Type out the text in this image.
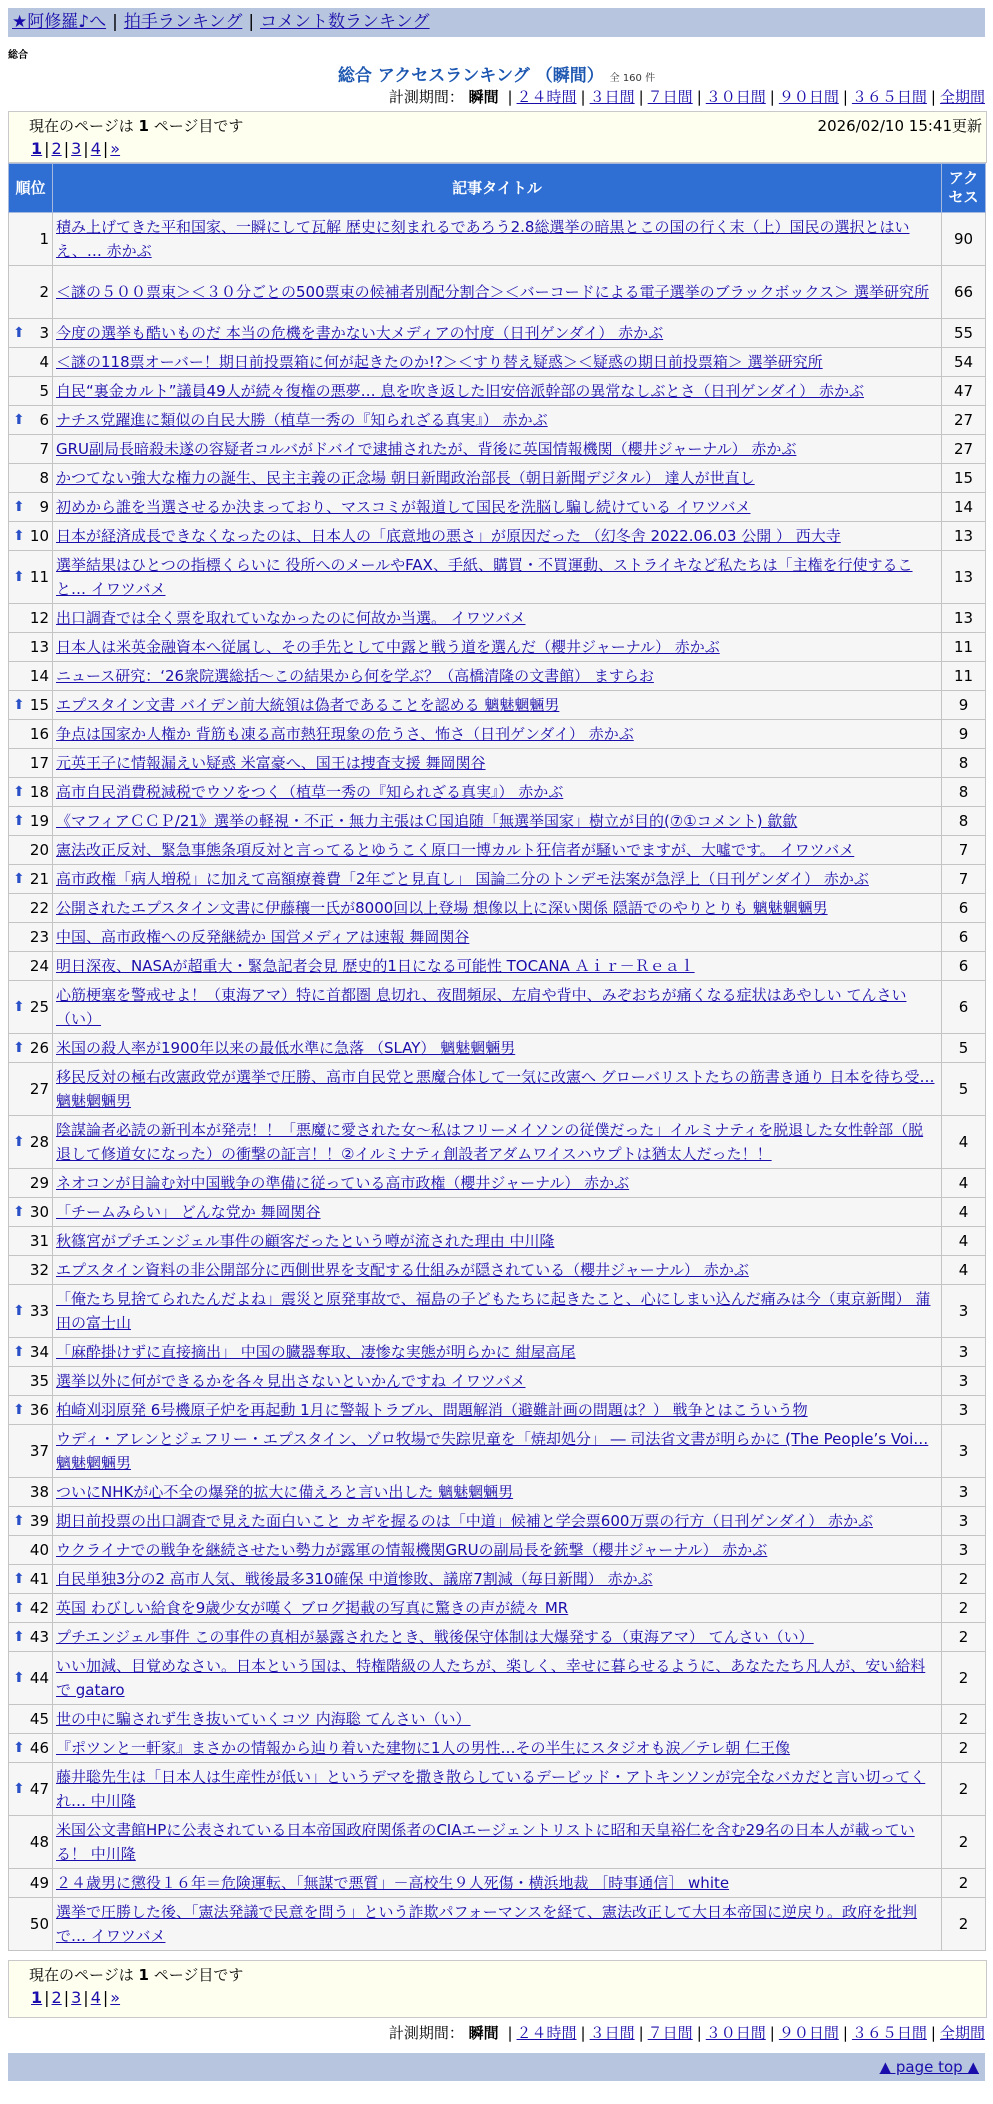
★阿修羅♪へ | 拍手ランキング | コメント数ランキング
総合
総合 アクセスランキング （瞬間） 全 160 件
計測期間： 瞬間 | ２４時間 | ３日間 | ７日間 | ３０日間 | ９０日間 | ３６５日間 | 全期間
現在のページは 1 ページ目です	2026/02/10 15:41更新
1 | 2 | 3 | 4 | »
順位	記事タイトル	アクセス
1	積み上げてきた平和国家、一瞬にして瓦解 歴史に刻まれるであろう2.8総選挙の暗黒とこの国の行く末（上）国民の選択とはいえ、… 赤かぶ	90
2	＜謎の５００票束＞＜３０分ごとの500票束の候補者別配分割合＞＜バーコードによる電子選挙のブラックボックス＞ 選挙研究所	66

⬆ 3	今度の選挙も酷いものだ 本当の危機を書かない大メディアの忖度（日刊ゲンダイ） 赤かぶ	55
4	＜謎の118票オーバー！期日前投票箱に何が起きたのか!?＞＜すり替え疑惑＞＜疑惑の期日前投票箱＞ 選挙研究所	54
5	自民“裏金カルト”議員49人が続々復権の悪夢… 息を吹き返した旧安倍派幹部の異常なしぶとさ（日刊ゲンダイ） 赤かぶ	47

⬆ 6	ナチス党躍進に類似の自民大勝（植草一秀の『知られざる真実』） 赤かぶ	27
7	GRU副局長暗殺未遂の容疑者コルバがドバイで逮捕されたが、背後に英国情報機関（櫻井ジャーナル） 赤かぶ	27
8	かつてない強大な権力の誕生、民主主義の正念場 朝日新聞政治部長（朝日新聞デジタル） 達人が世直し	15

⬆ 9	初めから誰を当選させるか決まっており、マスコミが報道して国民を洗脳し騙し続けている イワツバメ	14

⬆ 10	日本が経済成長できなくなったのは、日本人の「底意地の悪さ」が原因だった （幻冬舎 2022.06.03 公開 ） 西大寺	13

⬆ 11	選挙結果はひとつの指標くらいに 役所へのメールやFAX、手紙、購買・不買運動、ストライキなど私たちは「主権を行使すること… イワツバメ	13
12	出口調査では全く票を取れていなかったのに何故か当選。 イワツバメ	13
13	日本人は米英金融資本へ従属し、その手先として中露と戦う道を選んだ（櫻井ジャーナル） 赤かぶ	11
14	ニュース研究：‘26衆院選総括～この結果から何を学ぶ？（高橋清隆の文書館） ますらお	11

⬆ 15	エプスタイン文書 バイデン前大統領は偽者であることを認める 魑魅魍魎男	9
16	争点は国家か人権か 背筋も凍る高市熱狂現象の危うさ、怖さ（日刊ゲンダイ） 赤かぶ	9
17	元英王子に情報漏えい疑惑 米富豪へ、国王は捜査支援 舞岡関谷	8

⬆ 18	高市自民消費税減税でウソをつく（植草一秀の『知られざる真実』） 赤かぶ	8

⬆ 19	《マフィアＣＣＰ/21》選挙の軽視・不正・無力主張はＣ国追随「無選挙国家」樹立が目的(⑦①コメント) 歙歙	8
20	憲法改正反対、緊急事態条項反対と言ってるとゆうこく原口一博カルト狂信者が騒いでますが、大噓です。 イワツバメ	7

⬆ 21	高市政権「病人増税」に加えて高額療養費「2年ごと見直し」 国論二分のトンデモ法案が急浮上（日刊ゲンダイ） 赤かぶ	7
22	公開されたエプスタイン文書に伊藤穰一氏が8000回以上登場 想像以上に深い関係 隠語でのやりとりも 魑魅魍魎男	6
23	中国、高市政権への反発継続か 国営メディアは速報 舞岡関谷	6
24	明日深夜、NASAが超重大・緊急記者会見 歴史的1日になる可能性 TOCANA Ａｉｒ－Ｒｅａｌ	6

⬆ 25	心筋梗塞を警戒せよ！（東海アマ）特に首都圏 息切れ、夜間頻尿、左肩や背中、みぞおちが痛くなる症状はあやしい てんさい（い）	6

⬆ 26	米国の殺人率が1900年以来の最低水準に急落 （SLAY） 魑魅魍魎男	5
27	移民反対の極右改憲政党が選挙で圧勝、高市自民党と悪魔合体して一気に改憲へ グローバリストたちの筋書き通り 日本を待ち受… 魑魅魍魎男	5

⬆ 28	陰謀論者必読の新刊本が発売！！「悪魔に愛された女～私はフリーメイソンの従僕だった」イルミナティを脱退した女性幹部（脱退して修道女になった）の衝撃の証言！！②イルミナティ創設者アダムワイスハウプトは猶太人だった！！	4
29	ネオコンが目論む対中国戦争の準備に従っている高市政権（櫻井ジャーナル） 赤かぶ	4

⬆ 30	「チームみらい」 どんな党か 舞岡関谷	4
31	秋篠宮がプチエンジェル事件の顧客だったという噂が流された理由 中川隆	4
32	エプスタイン資料の非公開部分に西側世界を支配する仕組みが隠されている（櫻井ジャーナル） 赤かぶ	4

⬆ 33	「俺たち見捨てられたんだよね」震災と原発事故で、福島の子どもたちに起きたこと、心にしまい込んだ痛みは今（東京新聞） 蒲田の富士山	3

⬆ 34	「麻酔掛けずに直接摘出」 中国の臓器奪取、凄惨な実態が明らかに 紺屋高尾	3
35	選挙以外に何ができるかを各々見出さないといかんですね イワツバメ	3

⬆ 36	柏崎刈羽原発 6号機原子炉を再起動 1月に警報トラブル、問題解消（避難計画の問題は？） 戦争とはこういう物	3
37	ウディ・アレンとジェフリー・エプスタイン、ゾロ牧場で失踪児童を「焼却処分」 ― 司法省文書が明らかに (The People’s Voi… 魑魅魍魎男	3
38	ついにNHKが心不全の爆発的拡大に備えろと言い出した 魑魅魍魎男	3

⬆ 39	期日前投票の出口調査で見えた面白いこと カギを握るのは「中道」候補と学会票600万票の行方（日刊ゲンダイ） 赤かぶ	3
40	ウクライナでの戦争を継続させたい勢力が露軍の情報機関GRUの副局長を銃撃（櫻井ジャーナル） 赤かぶ	3

⬆ 41	自民単独3分の2 高市人気、戦後最多310確保 中道惨敗、議席7割減（毎日新聞） 赤かぶ	2

⬆ 42	英国 わびしい給食を9歳少女が嘆く ブログ掲載の写真に驚きの声が続々 MR	2

⬆ 43	プチエンジェル事件 この事件の真相が暴露されたとき、戦後保守体制は大爆発する（東海アマ） てんさい（い）	2

⬆ 44	いい加減、目覚めなさい。日本という国は、特権階級の人たちが、楽しく、幸せに暮らせるように、あなたたち凡人が、安い給料で gataro	2
45	世の中に騙されず生き抜いていくコツ 内海聡 てんさい（い）	2

⬆ 46	『ポツンと一軒家』まさかの情報から辿り着いた建物に1人の男性…その半生にスタジオも涙／テレ朝 仁王像	2

⬆ 47	藤井聡先生は「日本人は生産性が低い」というデマを撒き散らしているデービッド・アトキンソンが完全なバカだと言い切ってくれ… 中川隆	2
48	米国公文書館HPに公表されている日本帝国政府関係者のCIAエージェントリストに昭和天皇裕仁を含む29名の日本人が載っている！ 中川隆	2
49	２４歳男に懲役１６年＝危険運転、「無謀で悪質」－高校生９人死傷・横浜地裁 ［時事通信］ white	2
50	選挙で圧勝した後、「憲法発議で民意を問う」という詐欺パフォーマンスを経て、憲法改正して大日本帝国に逆戻り。政府を批判で… イワツバメ	2
現在のページは 1 ページ目です
1 | 2 | 3 | 4 | »
計測期間： 瞬間 | ２４時間 | ３日間 | ７日間 | ３０日間 | ９０日間 | ３６５日間 | 全期間
▲ page top ▲
